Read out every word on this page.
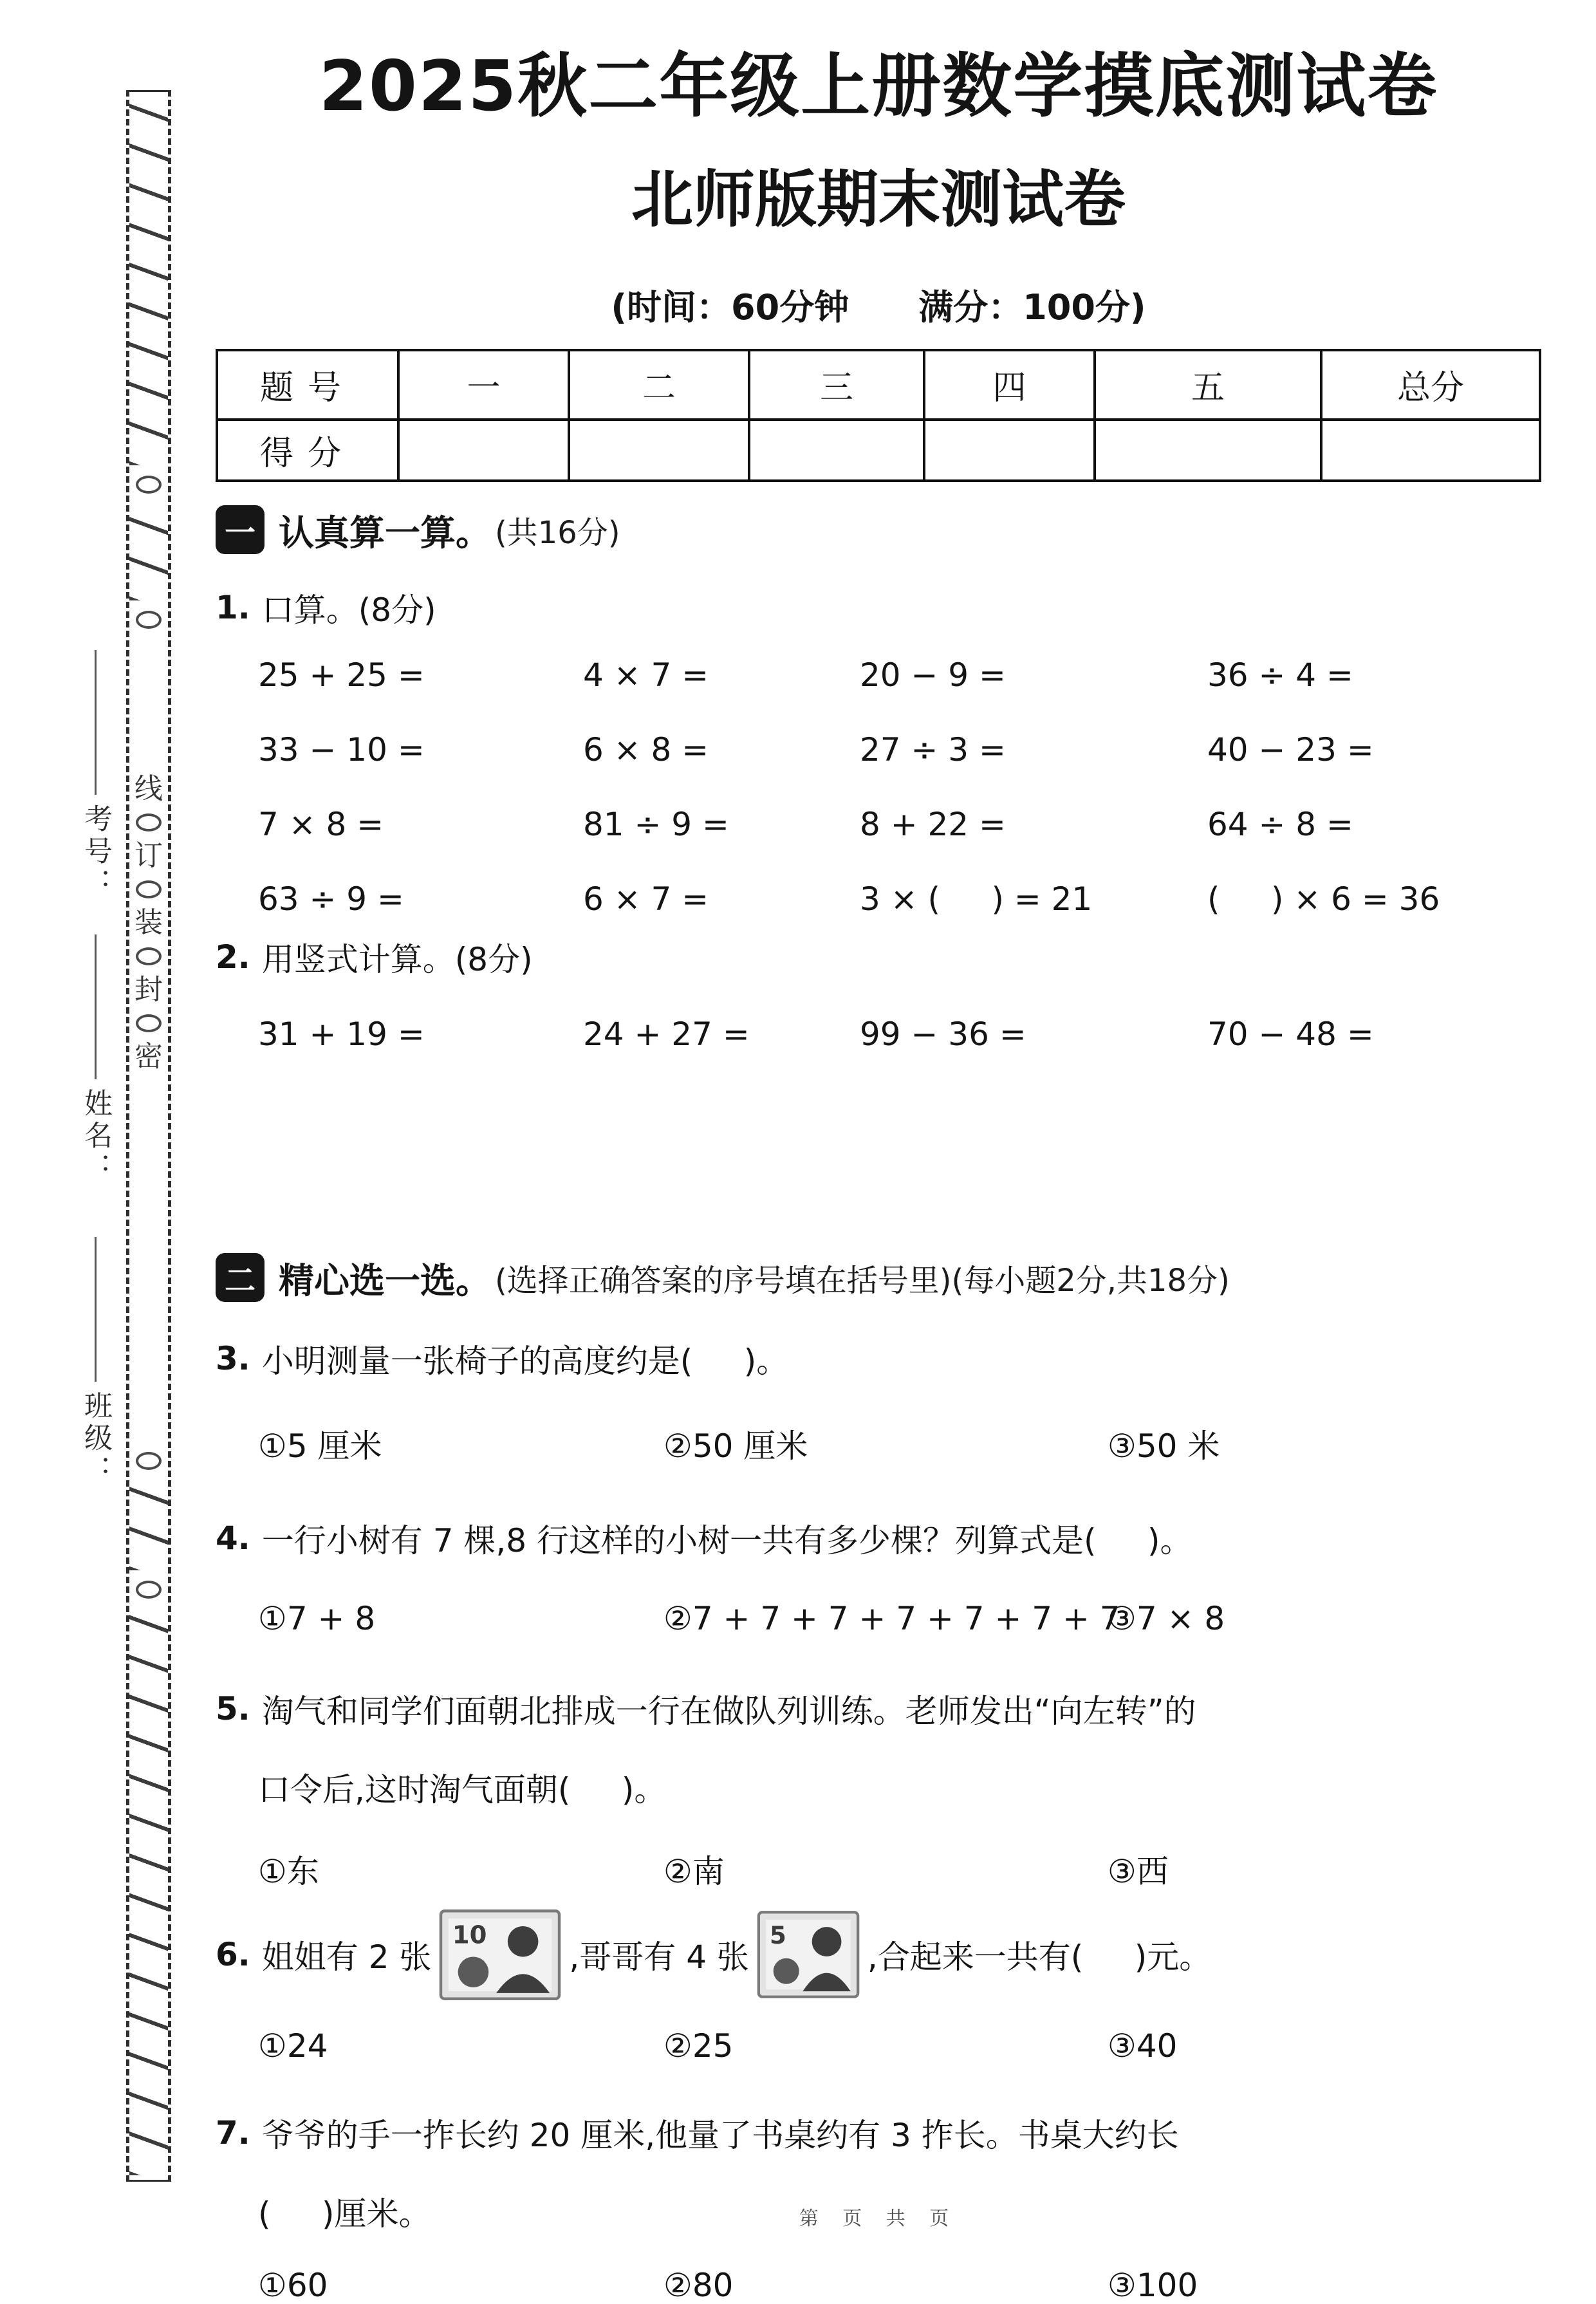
考号：
姓名：
班级：
线
订
装
封
密
2025秋二年级上册数学摸底测试卷
北师版期末测试卷
(时间：60分钟　　满分：100分)
题号	一	二	三	四	五	总分
得分						
一 认真算一算。 (共16分)
1. 口算。(8分)
25 + 25 =	4 × 7 =	20 − 9 =	36 ÷ 4 =
33 − 10 =	6 × 8 =	27 ÷ 3 =	40 − 23 =
7 × 8 =	81 ÷ 9 =	8 + 22 =	64 ÷ 8 =
63 ÷ 9 =	6 × 7 =	3 × (     ) = 21	(     ) × 6 = 36
2. 用竖式计算。(8分)
31 + 19 =	24 + 27 =	99 − 36 =	70 − 48 =
二 精心选一选。 (选择正确答案的序号填在括号里)(每小题2分,共18分)
3. 小明测量一张椅子的高度约是(     )。
①5 厘米	②50 厘米	③50 米
4. 一行小树有 7 棵,8 行这样的小树一共有多少棵？列算式是(     )。
①7 + 8	②7 + 7 + 7 + 7 + 7 + 7 + 7
③7 × 8
5. 淘气和同学们面朝北排成一行在做队列训练。老师发出“向左转”的
口令后,这时淘气面朝(     )。
①东	②南	③西
6. 姐姐有 2 张
10
,哥哥有 4 张
5
,合起来一共有(     )元。
①24	②25	③40
7. 爷爷的手一拃长约 20 厘米,他量了书桌约有 3 拃长。书桌大约长
(     )厘米。
①60	②80	③100
第 页 共 页
